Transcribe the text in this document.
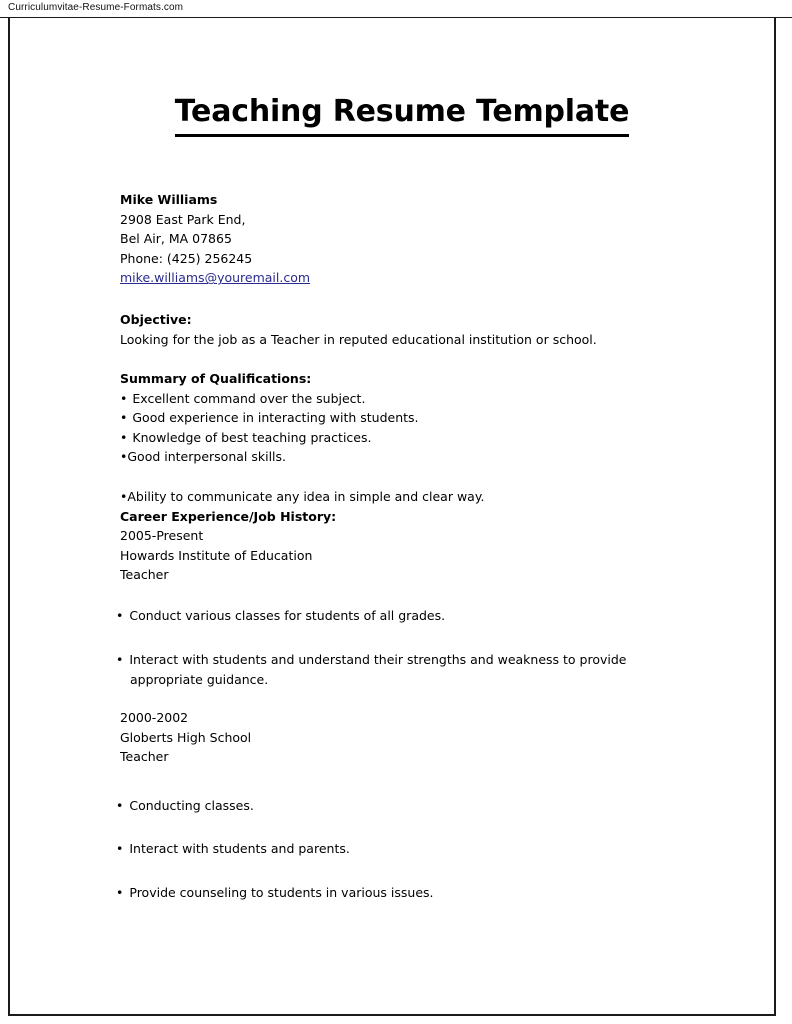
Curriculumvitae-Resume-Formats.com
Teaching Resume Template
Mike Williams
2908 East Park End,
Bel Air, MA 07865
Phone: (425) 256245
mike.williams@youremail.com
Objective:
Looking for the job as a Teacher in reputed educational institution or school.
Summary of Qualifications:
• Excellent command over the subject.
• Good experience in interacting with students.
• Knowledge of best teaching practices.
•Good interpersonal skills.
•Ability to communicate any idea in simple and clear way.
Career Experience/Job History:
2005-Present
Howards Institute of Education
Teacher
• Conduct various classes for students of all grades.
• Interact with students and understand their strengths and weakness to provide appropriate guidance.
2000-2002
Globerts High School
Teacher
• Conducting classes.
• Interact with students and parents.
• Provide counseling to students in various issues.
